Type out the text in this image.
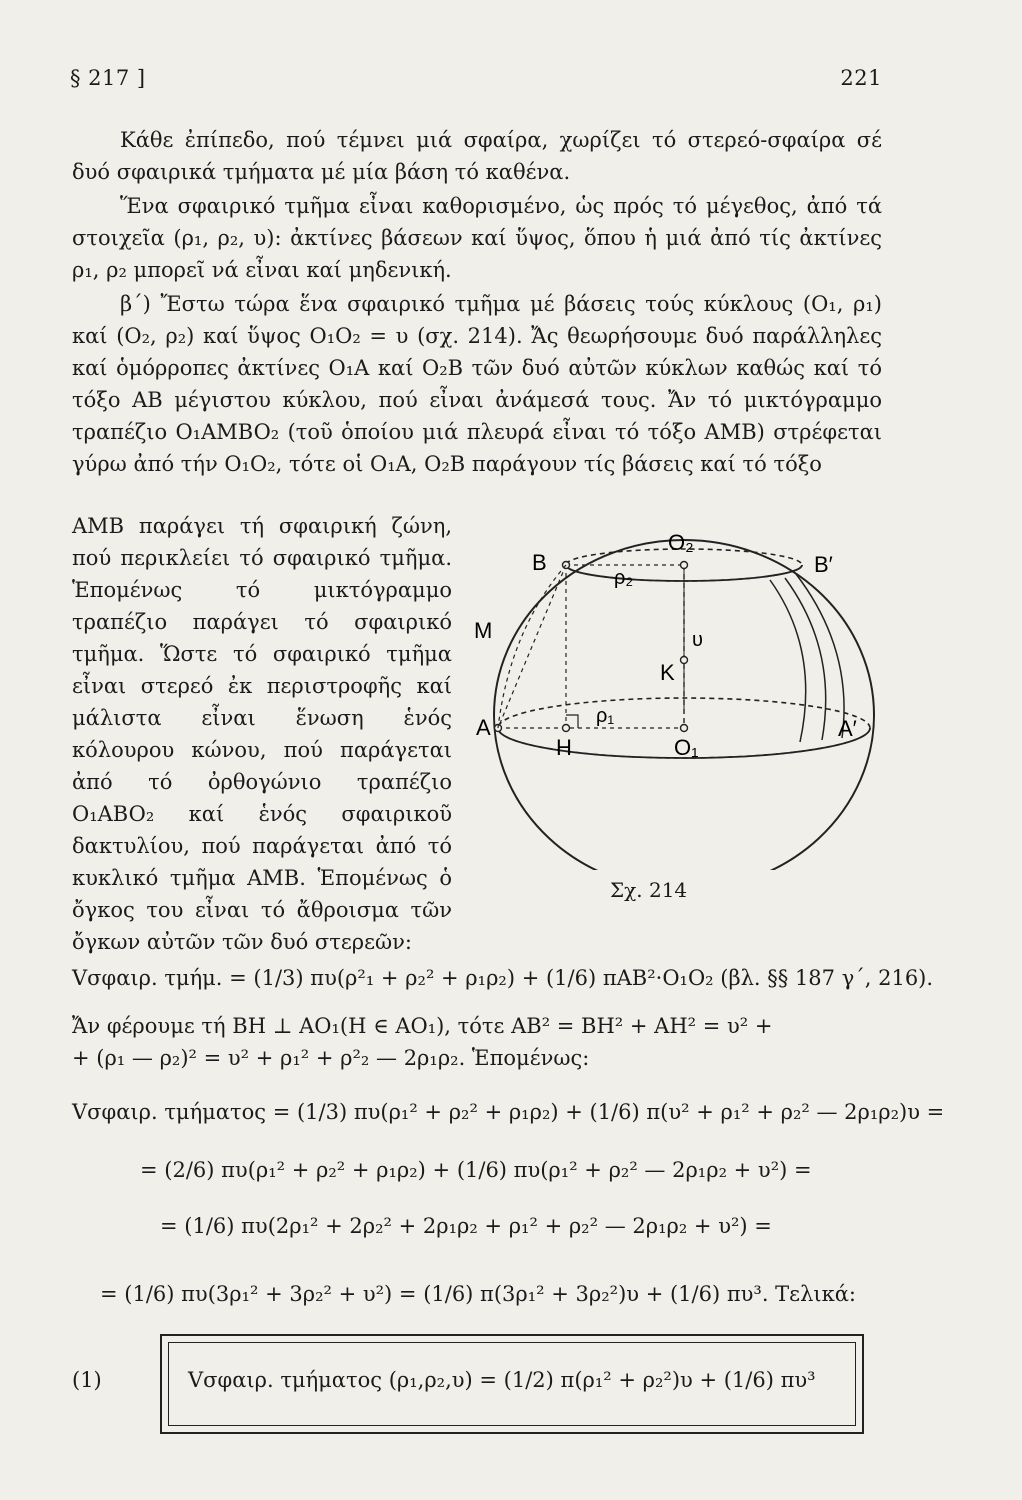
§ 217 ]	221
Κάθε ἐπίπεδο, πού τέμνει μιά σφαίρα, χωρίζει τό στερεό-σφαίρα σέ δυό σφαιρικά τμήματα μέ μία βάση τό καθένα.
Ἕνα σφαιρικό τμῆμα εἶναι καθορισμένο, ὡς πρός τό μέγεθος, ἀπό τά στοιχεῖα (ρ₁, ρ₂, υ): ἀκτίνες βάσεων καί ὕψος, ὅπου ἡ μιά ἀπό τίς ἀκτίνες ρ₁, ρ₂ μπορεῖ νά εἶναι καί μηδενική.
β΄) Ἔστω τώρα ἕνα σφαιρικό τμῆμα μέ βάσεις τούς κύκλους (O₁, ρ₁) καί (O₂, ρ₂) καί ὕψος O₁O₂ = υ (σχ. 214). Ἄς θεωρήσουμε δυό παράλληλες καί ὁμόρροπες ἀκτίνες O₁A καί O₂B τῶν δυό αὐτῶν κύκλων καθώς καί τό τόξο AB μέγιστου κύκλου, πού εἶναι ἀνάμεσά τους. Ἄν τό μικτόγραμμο τραπέζιο O₁AMBO₂ (τοῦ ὁποίου μιά πλευρά εἶναι τό τόξο AMB) στρέφεται γύρω ἀπό τήν O₁O₂, τότε οἱ O₁A, O₂B παράγουν τίς βάσεις καί τό τόξο
AMB παράγει τή σφαιρική ζώνη, πού περικλείει τό σφαιρικό τμῆμα. Ἑπομένως τό μικτόγραμμο τραπέζιο παράγει τό σφαιρικό τμῆμα. Ὥστε τό σφαιρικό τμῆμα εἶναι στερεό ἐκ περιστροφῆς καί μάλιστα εἶναι ἕνωση ἑνός κόλουρου κώνου, πού παράγεται ἀπό τό ὀρθογώνιο τραπέζιο O₁ABO₂ καί ἑνός σφαιρικοῦ δακτυλίου, πού παράγεται ἀπό τό κυκλικό τμῆμα AMB. Ἑπομένως ὁ ὄγκος του εἶναι τό ἄθροισμα τῶν ὄγκων αὐτῶν τῶν δυό στερεῶν:
B
O₂
B′
ρ₂
M	υ
K
A	ρ₁	A′
H	O₁
Σχ. 214
Vσφαιρ. τμήμ. = (1/3) πυ(ρ²₁ + ρ₂² + ρ₁ρ₂) + (1/6) πAB²·O₁O₂ (βλ. §§ 187 γ΄, 216).
Ἄν φέρουμε τή BH ⊥ AO₁(H ∈ AO₁), τότε AB² = BH² + AH² = υ² +
+ (ρ₁ — ρ₂)² = υ² + ρ₁² + ρ²₂ — 2ρ₁ρ₂. Ἑπομένως:
Vσφαιρ. τμήματος = (1/3) πυ(ρ₁² + ρ₂² + ρ₁ρ₂) + (1/6) π(υ² + ρ₁² + ρ₂² — 2ρ₁ρ₂)υ =
= (2/6) πυ(ρ₁² + ρ₂² + ρ₁ρ₂) + (1/6) πυ(ρ₁² + ρ₂² — 2ρ₁ρ₂ + υ²) =
= (1/6) πυ(2ρ₁² + 2ρ₂² + 2ρ₁ρ₂ + ρ₁² + ρ₂² — 2ρ₁ρ₂ + υ²) =
= (1/6) πυ(3ρ₁² + 3ρ₂² + υ²) = (1/6) π(3ρ₁² + 3ρ₂²)υ + (1/6) πυ³. Τελικά:
(1)	Vσφαιρ. τμήματος (ρ₁,ρ₂,υ) = (1/2) π(ρ₁² + ρ₂²)υ + (1/6) πυ³
